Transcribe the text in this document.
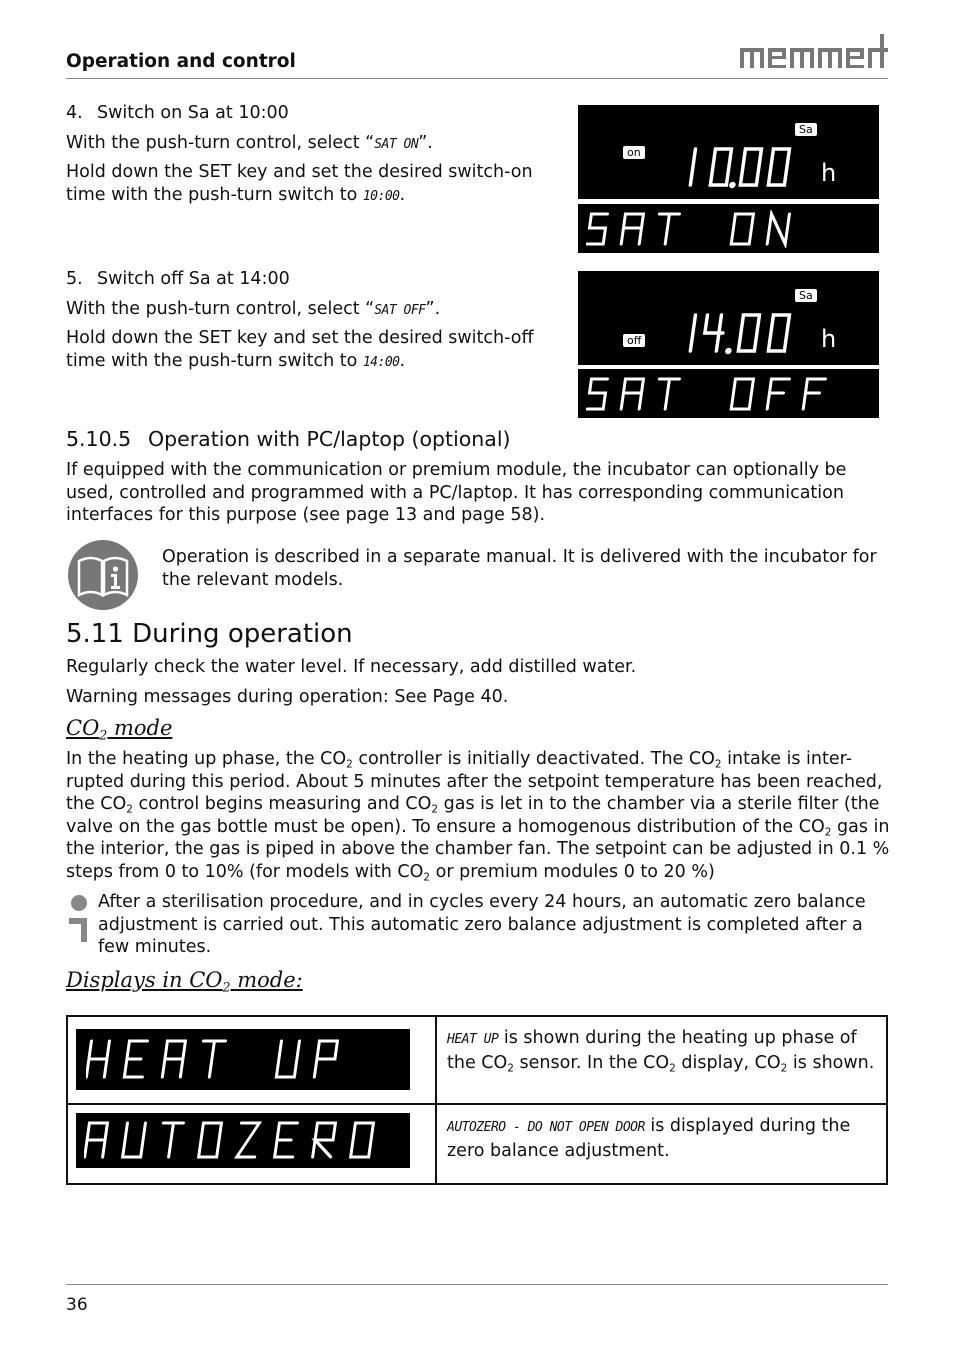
Operation and control
4.  Switch on Sa at 10:00
With the push-turn control, select “SAT ON”.
Hold down the SET key and set the desired switch-on time with the push-turn switch to 10:00.
Sa
on
h
5.  Switch off Sa at 14:00
With the push-turn control, select “SAT OFF”.
Hold down the SET key and set the desired switch-off time with the push-turn switch to 14:00.
Sa
off	h
5.10.5  Operation with PC/laptop (optional)
If equipped with the communication or premium module, the incubator can optionally be used, controlled and programmed with a PC/laptop. It has corresponding communication interfaces for this purpose (see page 13 and page 58).
Operation is described in a separate manual. It is delivered with the incubator for the relevant models.
5.11 During operation
Regularly check the water level. If necessary, add distilled water.
Warning messages during operation: See Page 40.
$CO_2$ mode
In the heating up phase, the $CO_2$ controller is initially deactivated. The $CO_2$ intake is inter-rupted during this period. About 5 minutes after the setpoint temperature has been reached, the $CO_2$ control begins measuring and $CO_2$ gas is let in to the chamber via a sterile filter (the valve on the gas bottle must be open). To ensure a homogenous distribution of the $CO_2$ gas in the interior, the gas is piped in above the chamber fan. The setpoint can be adjusted in 0.1 % steps from 0 to 10% (for models with $CO_2$ or premium modules 0 to 20 %)
After a sterilisation procedure, and in cycles every 24 hours, an automatic zero balance adjustment is carried out. This automatic zero balance adjustment is completed after a few minutes.
Displays in $CO_2$ mode:

HEAT UP is shown during the heating up phase of the $CO_2$ sensor. In the $CO_2$ display, $CO_2$ is shown.

AUTOZERO - DO NOT OPEN DOOR is displayed during the zero balance adjustment.
36
